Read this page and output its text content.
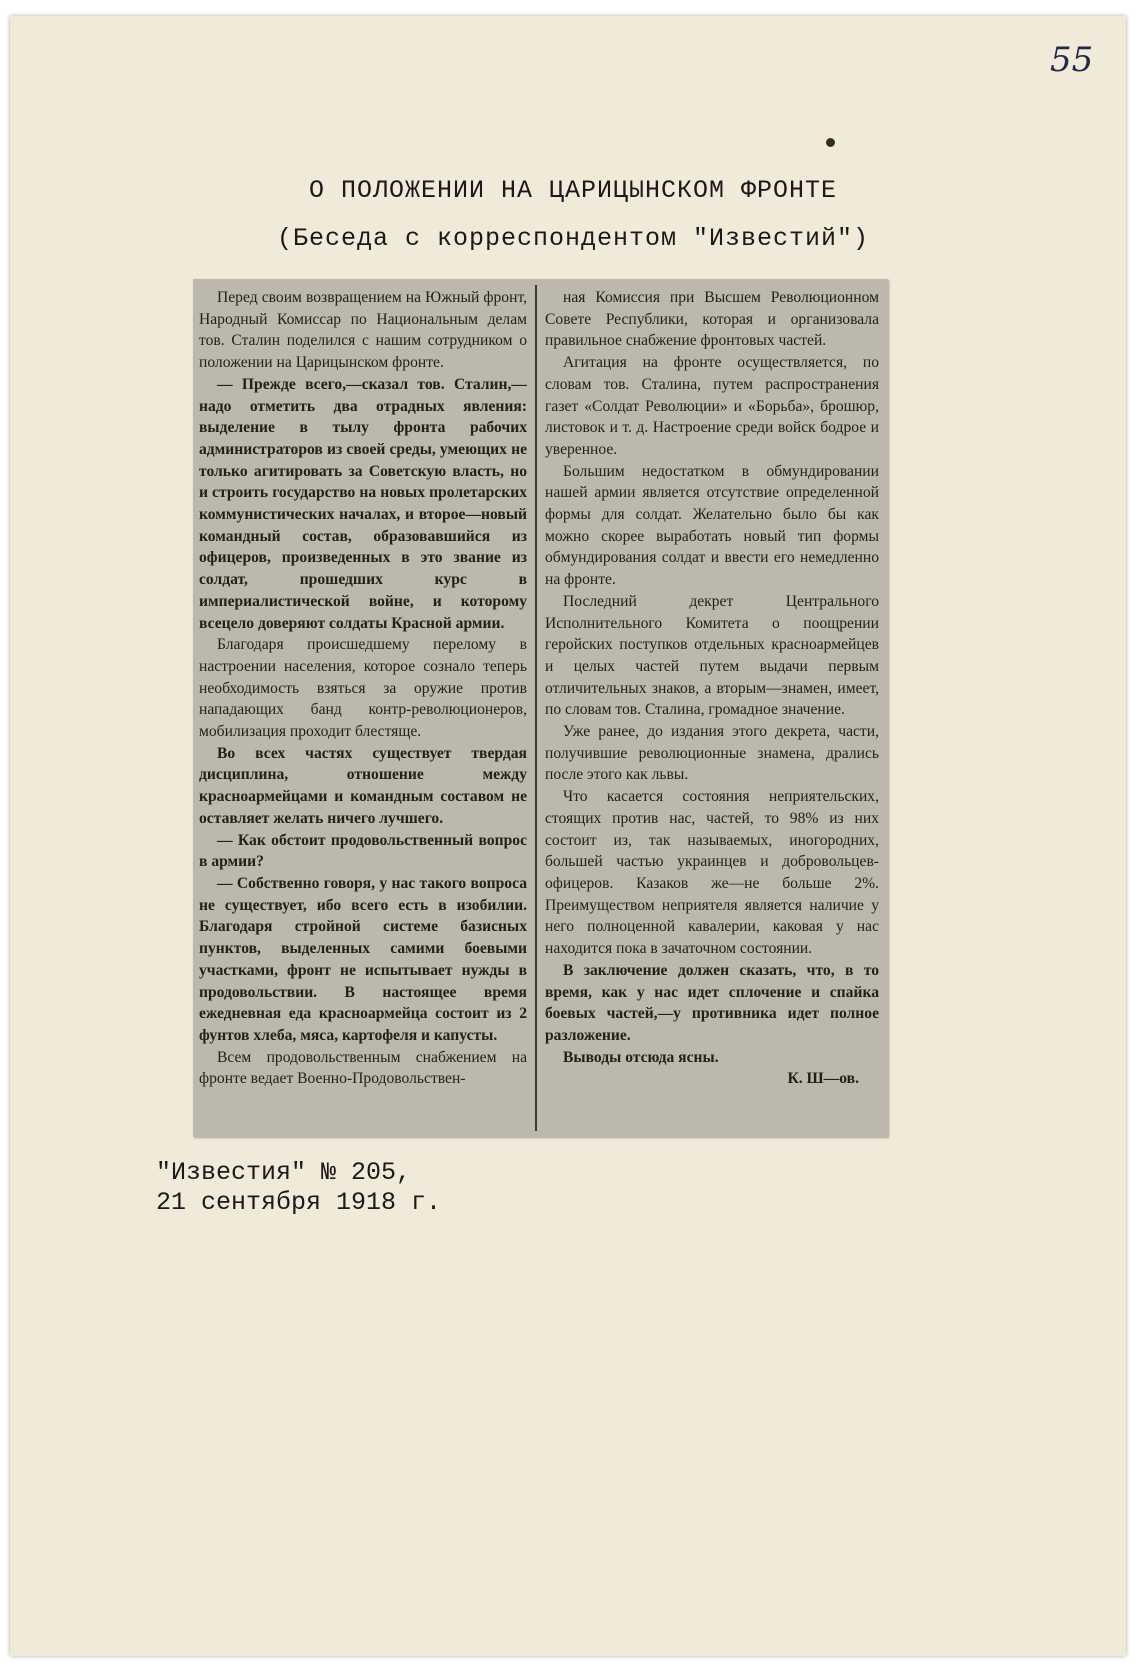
55
О ПОЛОЖЕНИИ НА ЦАРИЦЫНСКОМ ФРОНТЕ
(Беседа с корреспондентом "Известий")

Перед своим возвращением на Южный фронт, Народный Комиссар по Национальным делам тов. Сталин поделился с нашим сотрудником о положении на Царицынском фронте.

— Прежде всего,—сказал тов. Сталин,—надо отметить два отрадных явления: выделение в тылу фронта рабочих администраторов из своей среды, умеющих не только агитировать за Советскую власть, но и строить государство на новых пролетарских коммунистических началах, и второе—новый командный состав, образовавшийся из офицеров, произведенных в это звание из солдат, прошедших курс в империалистической войне, и которому всецело доверяют солдаты Красной армии.

Благодаря происшедшему перелому в настроении населения, которое сознало теперь необходимость взяться за оружие против нападающих банд контр-революционеров, мобилизация проходит блестяще.

Во всех частях существует твердая дисциплина, отношение между красноармейцами и командным составом не оставляет желать ничего лучшего.

— Как обстоит продовольственный вопрос в армии?

— Собственно говоря, у нас такого вопроса не существует, ибо всего есть в изобилии. Благодаря стройной системе базисных пунктов, выделенных самими боевыми участками, фронт не испытывает нужды в продовольствии. В настоящее время ежедневная еда красноармейца состоит из 2 фунтов хлеба, мяса, картофеля и капусты.

Всем продовольственным снабжением на фронте ведает Военно-Продовольствен-

ная Комиссия при Высшем Революционном Совете Республики, которая и организовала правильное снабжение фронтовых частей.

Агитация на фронте осуществляется, по словам тов. Сталина, путем распространения газет «Солдат Революции» и «Борьба», брошюр, листовок и т. д. Настроение среди войск бодрое и уверенное.

Большим недостатком в обмундировании нашей армии является отсутствие определенной формы для солдат. Желательно было бы как можно скорее выработать новый тип формы обмундирования солдат и ввести его немедленно на фронте.

Последний декрет Центрального Исполнительного Комитета о поощрении геройских поступков отдельных красноармейцев и целых частей путем выдачи первым отличительных знаков, а вторым—знамен, имеет, по словам тов. Сталина, громадное значение.

Уже ранее, до издания этого декрета, части, получившие революционные знамена, дрались после этого как львы.

Что касается состояния неприятельских, стоящих против нас, частей, то 98% из них состоит из, так называемых, иногородних, большей частью украинцев и добровольцев-офицеров. Казаков же—не больше 2%. Преимуществом неприятеля является наличие у него полноценной кавалерии, каковая у нас находится пока в зачаточном состоянии.

В заключение должен сказать, что, в то время, как у нас идет сплочение и спайка боевых частей,—у противника идет полное разложение.

Выводы отсюда ясны.

К. Ш—ов.
"Известия" № 205,
21 сентября 1918 г.
